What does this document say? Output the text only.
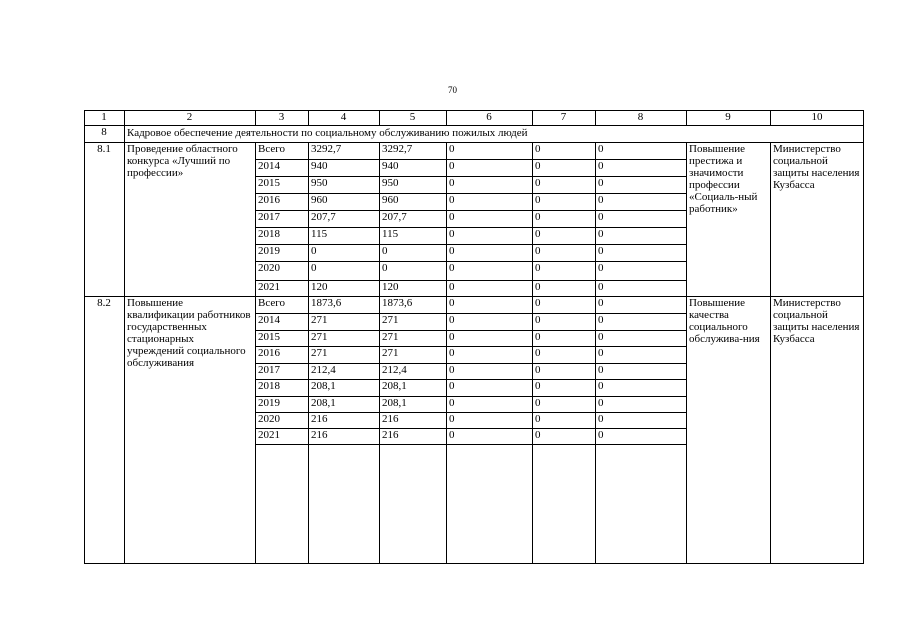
70
1	2	3	4	5	6	7	8	9	10
8	Кадровое обеспечение деятельности по социальному обслуживанию пожилых людей
8.1	Проведение областного конкурса «Лучший по профессии»
Повышение престижа и значимости профессии «Социаль-ный работник»
Министерство социальной защиты населения Кузбасса
Всего	3292,7	3292,7	0	0	0
2014	940	940	0	0	0
2015	950	950	0	0	0
2016	960	960	0	0	0
2017	207,7	207,7	0	0	0
2018	115	115	0	0	0
2019	0	0	0	0	0
2020	0	0	0	0	0
2021	120	120	0	0	0
8.2	Повышение квалификации работников государственных стационарных учреждений социального обслуживания
Повышение качества социального обслужива-ния
Министерство социальной защиты населения Кузбасса
Всего	1873,6	1873,6	0	0	0
2014	271	271	0	0	0
2015	271	271	0	0	0
2016	271	271	0	0	0
2017	212,4	212,4	0	0	0
2018	208,1	208,1	0	0	0
2019	208,1	208,1	0	0	0
2020	216	216	0	0	0
2021	216	216	0	0	0
